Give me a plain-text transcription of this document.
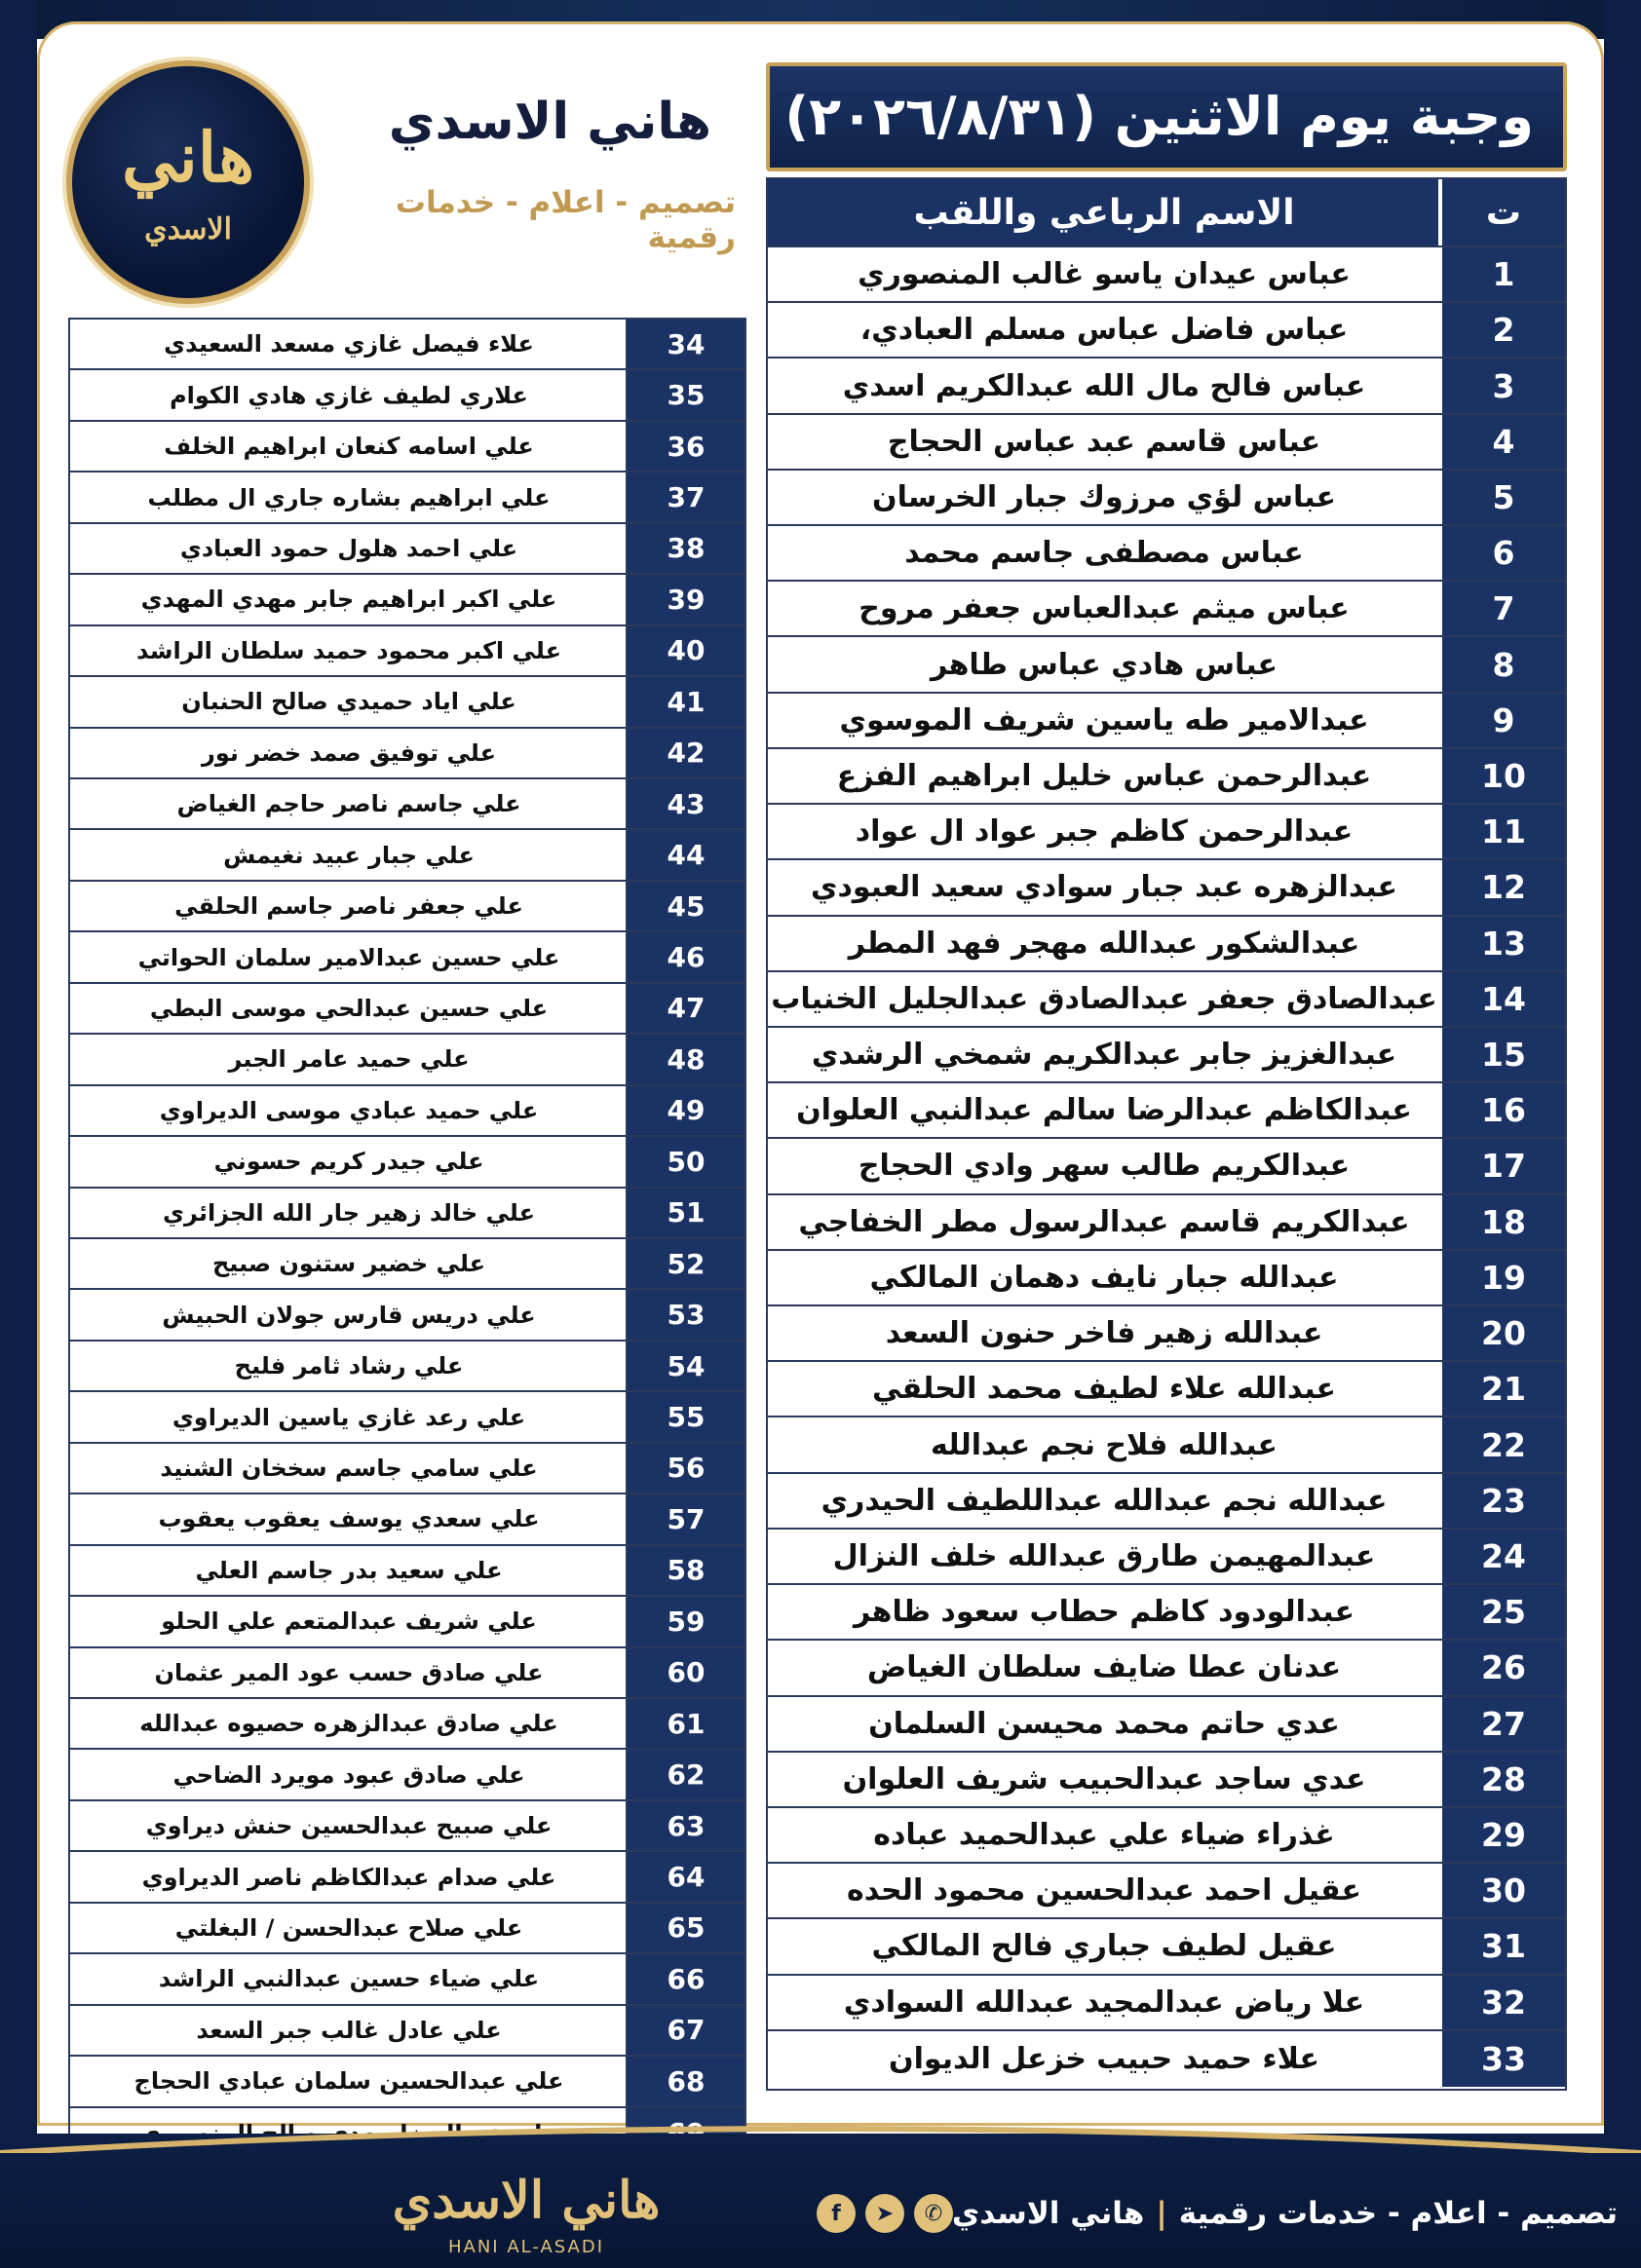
هاني
الاسدي
هاني الاسدي
تصميم - اعلام - خدمات رقمية
وجبة يوم الاثنين (٢٠٢٦/٨/٣١)
الاسم الرباعي واللقب	ت
عباس عيدان ياسو غالب المنصوري	1
عباس فاضل عباس مسلم العبادي،	2
عباس فالح مال الله عبدالكريم اسدي	3
عباس قاسم عبد عباس الحجاج	4
عباس لؤي مرزوك جبار الخرسان	5
عباس مصطفى جاسم محمد	6
عباس ميثم عبدالعباس جعفر مروح	7
عباس هادي عباس طاهر	8
عبدالامير طه ياسين شريف الموسوي	9
عبدالرحمن عباس خليل ابراهيم الفزع	10
عبدالرحمن كاظم جبر عواد ال عواد	11
عبدالزهره عبد جبار سوادي سعيد العبودي	12
عبدالشكور عبدالله مهجر فهد المطر	13
عبدالصادق جعفر عبدالصادق عبدالجليل الخنياب	14
عبدالغزيز جابر عبدالكريم شمخي الرشدي	15
عبدالكاظم عبدالرضا سالم عبدالنبي العلوان	16
عبدالكريم طالب سهر وادي الحجاج	17
عبدالكريم قاسم عبدالرسول مطر الخفاجي	18
عبدالله جبار نايف دهمان المالكي	19
عبدالله زهير فاخر حنون السعد	20
عبدالله علاء لطيف محمد الحلقي	21
عبدالله فلاح نجم عبدالله	22
عبدالله نجم عبدالله عبداللطيف الحيدري	23
عبدالمهيمن طارق عبدالله خلف النزال	24
عبدالودود كاظم حطاب سعود ظاهر	25
عدنان عطا ضايف سلطان الغياض	26
عدي حاتم محمد محيسن السلمان	27
عدي ساجد عبدالحبيب شريف العلوان	28
غذراء ضياء علي عبدالحميد عباده	29
عقيل احمد عبدالحسين محمود الحده	30
عقيل لطيف جباري فالح المالكي	31
علا رياض عبدالمجيد عبدالله السوادي	32
علاء حميد حبيب خزعل الديوان	33
علاء فيصل غازي مسعد السعيدي	34
علاري لطيف غازي هادي الكوام	35
علي اسامه كنعان ابراهيم الخلف	36
علي ابراهيم بشاره جاري ال مطلب	37
علي احمد هلول حمود العبادي	38
علي اكبر ابراهيم جابر مهدي المهدي	39
علي اكبر محمود حميد سلطان الراشد	40
علي اياد حميدي صالح الحنبان	41
علي توفيق صمد خضر نور	42
علي جاسم ناصر حاجم الغياض	43
علي جبار عبيد نغيمش	44
علي جعفر ناصر جاسم الحلقي	45
علي حسين عبدالامير سلمان الحواتي	46
علي حسين عبدالحي موسى البطي	47
علي حميد عامر الجبر	48
علي حميد عبادي موسى الديراوي	49
علي جيدر كريم حسوني	50
علي خالد زهير جار الله الجزائري	51
علي خضير ستنون صبيح	52
علي دريس قارس جولان الحبيش	53
علي رشاد ثامر فليح	54
علي رعد غازي ياسين الديراوي	55
علي سامي جاسم سخخان الشنيد	56
علي سعدي يوسف يعقوب يعقوب	57
علي سعيد بدر جاسم العلي	58
علي شريف عبدالمتعم علي الحلو	59
علي صادق حسب عود المير عثمان	60
علي صادق عبدالزهره حصيوه عبدالله	61
علي صادق عبود مويرد الضاحي	62
علي صبيح عبدالحسين حنش ديراوي	63
علي صدام عبدالكاظم ناصر الديراوي	64
علي صلاح عبدالحسن / البغلتي	65
علي ضياء حسين عبدالنبي الراشد	66
علي عادل غالب جبر السعد	67
علي عبدالحسين سلمان عبادي الحجاج	68
هاني الاسدي
HANI AL-ASADI
f	➤	✆	تصميم - اعلام - خدمات رقمية|هاني الاسدي
